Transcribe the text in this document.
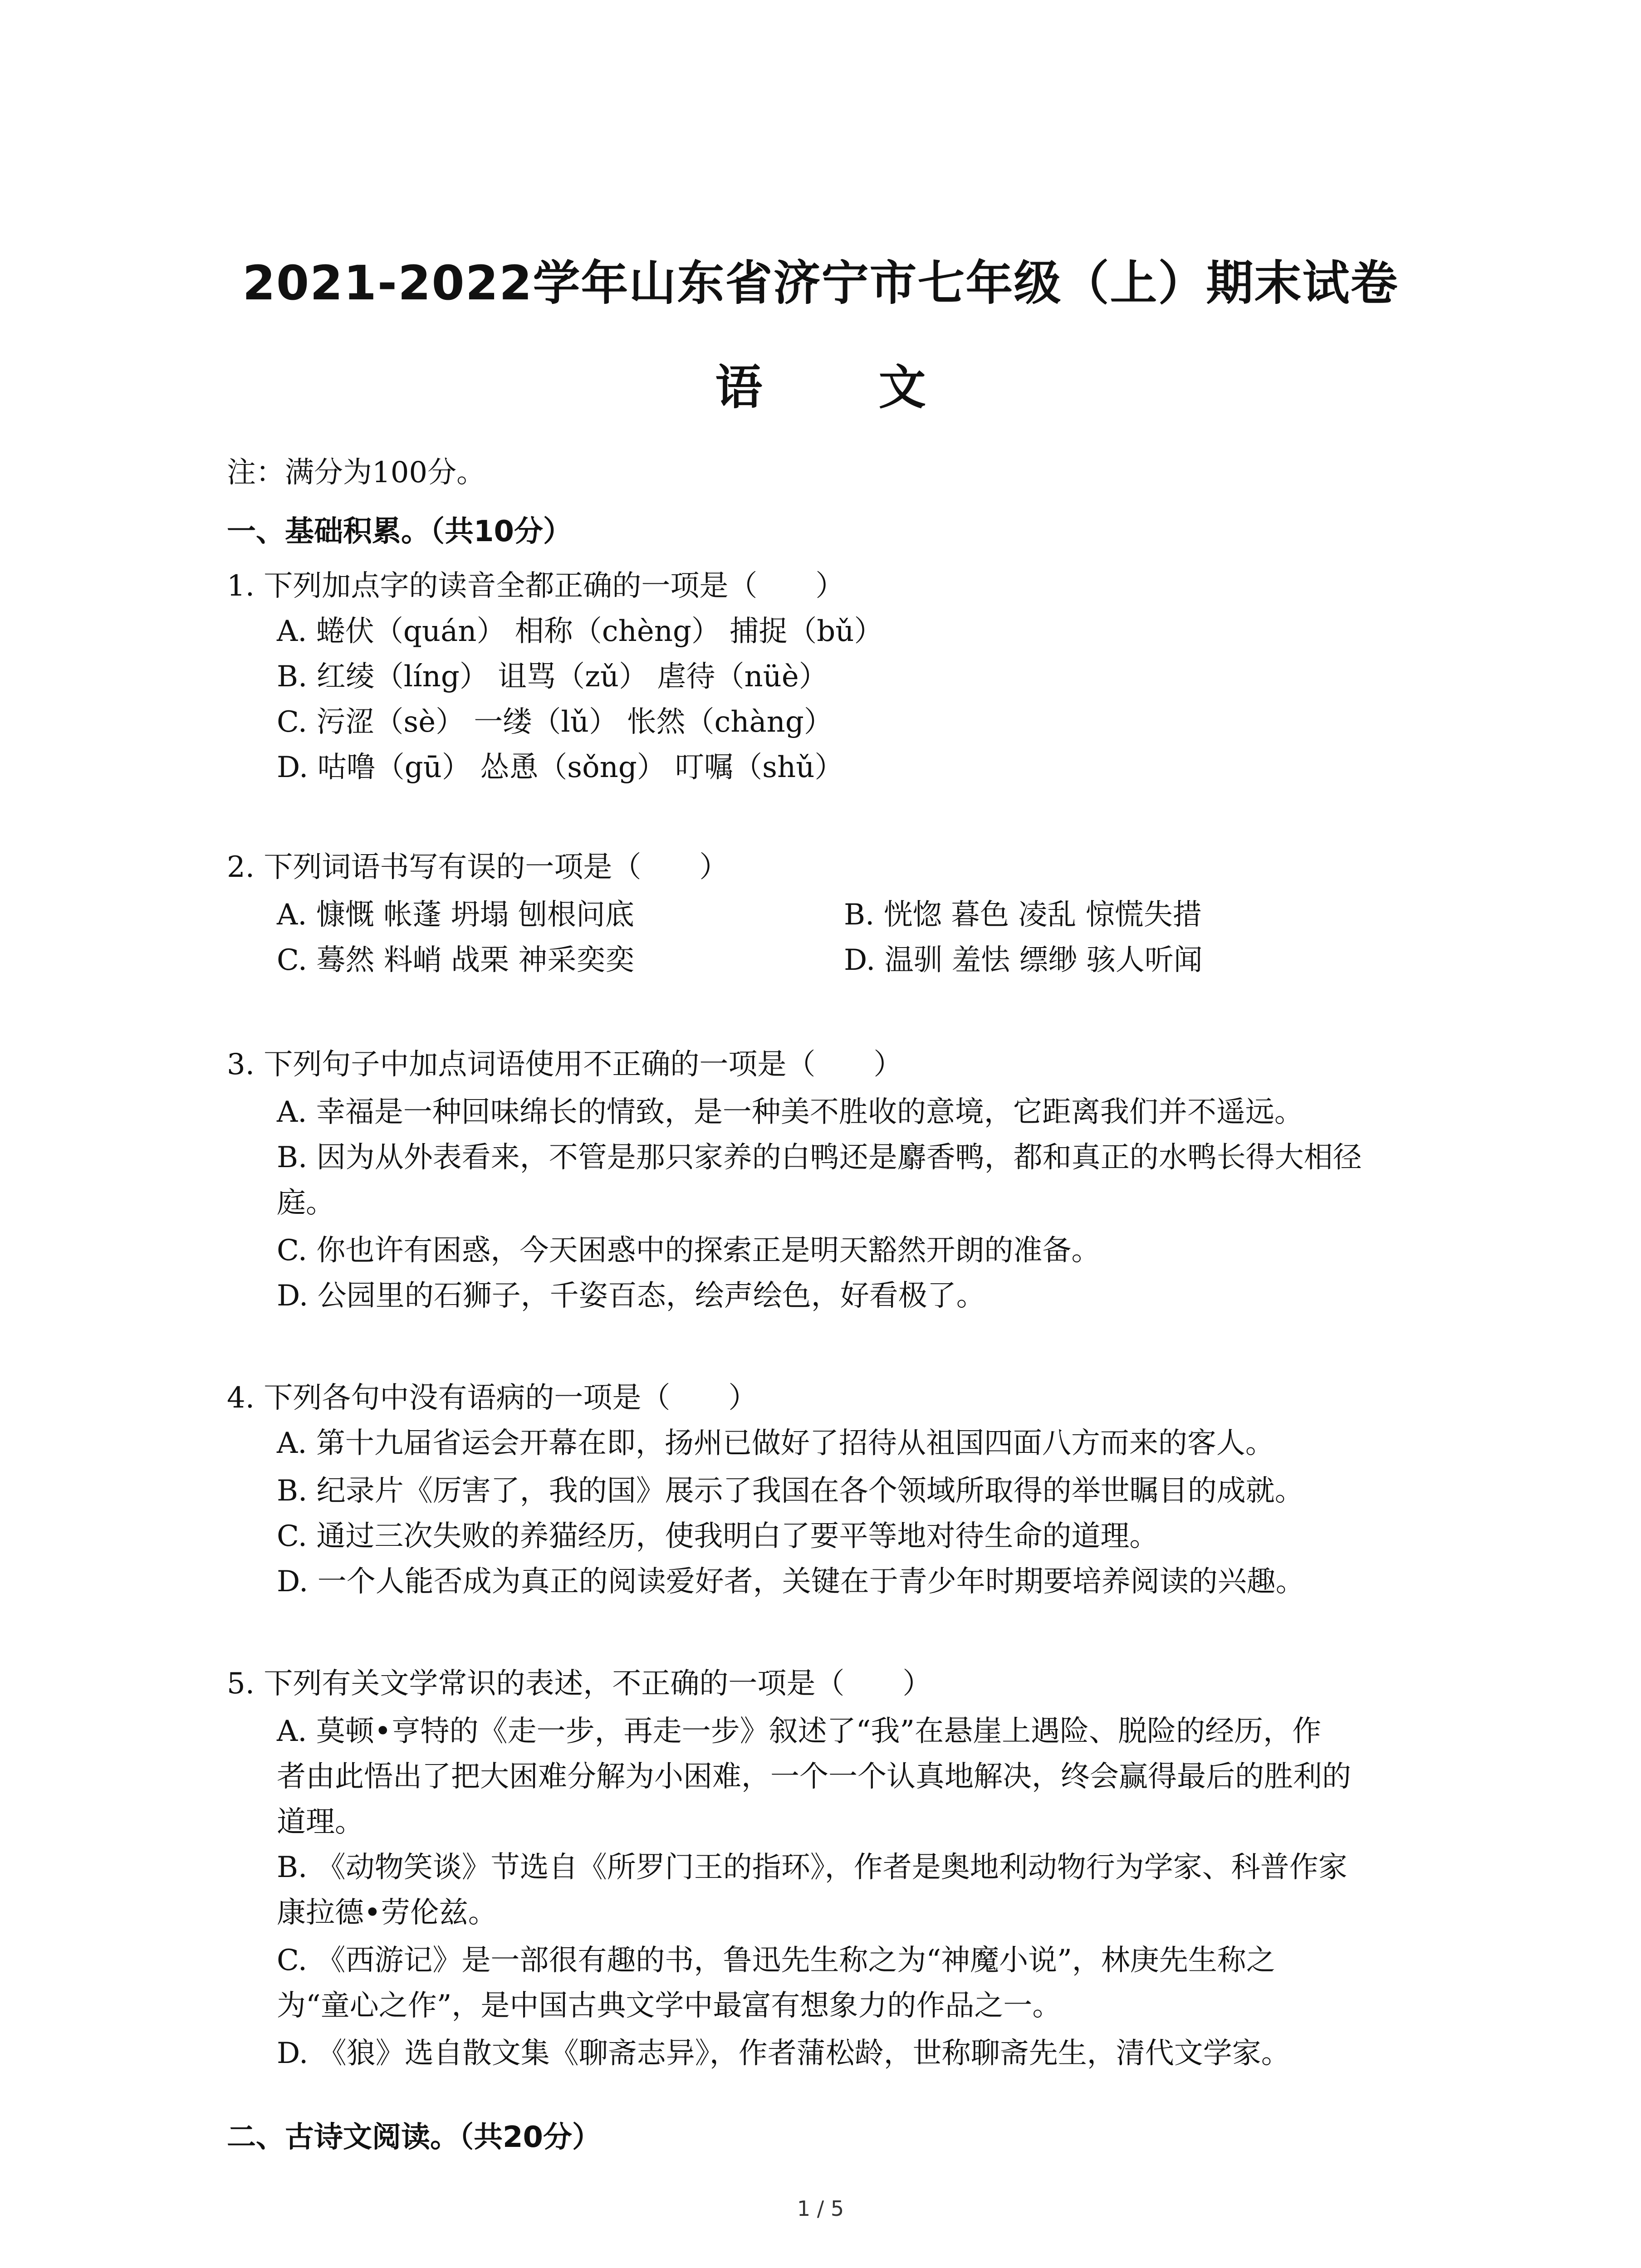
2021-2022学年山东省济宁市七年级（上）期末试卷
语 文
注：满分为100分。
一、基础积累。（共10分）
1. 下列加点字的读音全都正确的一项是（　　）
A. 蜷伏（quán） 相称（chèng） 捕捉（bǔ）
B. 红绫（líng） 诅骂（zǔ） 虐待（nüè）
C. 污涩（sè） 一缕（lǔ） 怅然（chàng）
D. 咕噜（gū） 怂恿（sǒng） 叮嘱（shǔ）
2. 下列词语书写有误的一项是（　　）
A. 慷慨 帐蓬 坍塌 刨根问底	B. 恍惚 暮色 凌乱 惊慌失措
C. 蓦然 料峭 战栗 神采奕奕	D. 温驯 羞怯 缥缈 骇人听闻
3. 下列句子中加点词语使用不正确的一项是（　　）
A. 幸福是一种回味绵长的情致，是一种美不胜收的意境，它距离我们并不遥远。
B. 因为从外表看来，不管是那只家养的白鸭还是麝香鸭，都和真正的水鸭长得大相径
庭。
C. 你也许有困惑，今天困惑中的探索正是明天豁然开朗的准备。
D. 公园里的石狮子，千姿百态，绘声绘色，好看极了。
4. 下列各句中没有语病的一项是（　　）
A. 第十九届省运会开幕在即，扬州已做好了招待从祖国四面八方而来的客人。
B. 纪录片《厉害了，我的国》展示了我国在各个领域所取得的举世瞩目的成就。
C. 通过三次失败的养猫经历，使我明白了要平等地对待生命的道理。
D. 一个人能否成为真正的阅读爱好者，关键在于青少年时期要培养阅读的兴趣。
5. 下列有关文学常识的表述，不正确的一项是（　　）
A. 莫顿•亨特的《走一步，再走一步》叙述了“我”在悬崖上遇险、脱险的经历，作
者由此悟出了把大困难分解为小困难，一个一个认真地解决，终会赢得最后的胜利的
道理。
B. 《动物笑谈》节选自《所罗门王的指环》，作者是奥地利动物行为学家、科普作家
康拉德•劳伦兹。
C. 《西游记》是一部很有趣的书，鲁迅先生称之为“神魔小说”，林庚先生称之
为“童心之作”，是中国古典文学中最富有想象力的作品之一。
D. 《狼》选自散文集《聊斋志异》，作者蒲松龄，世称聊斋先生，清代文学家。
二、古诗文阅读。（共20分）
1 / 5
